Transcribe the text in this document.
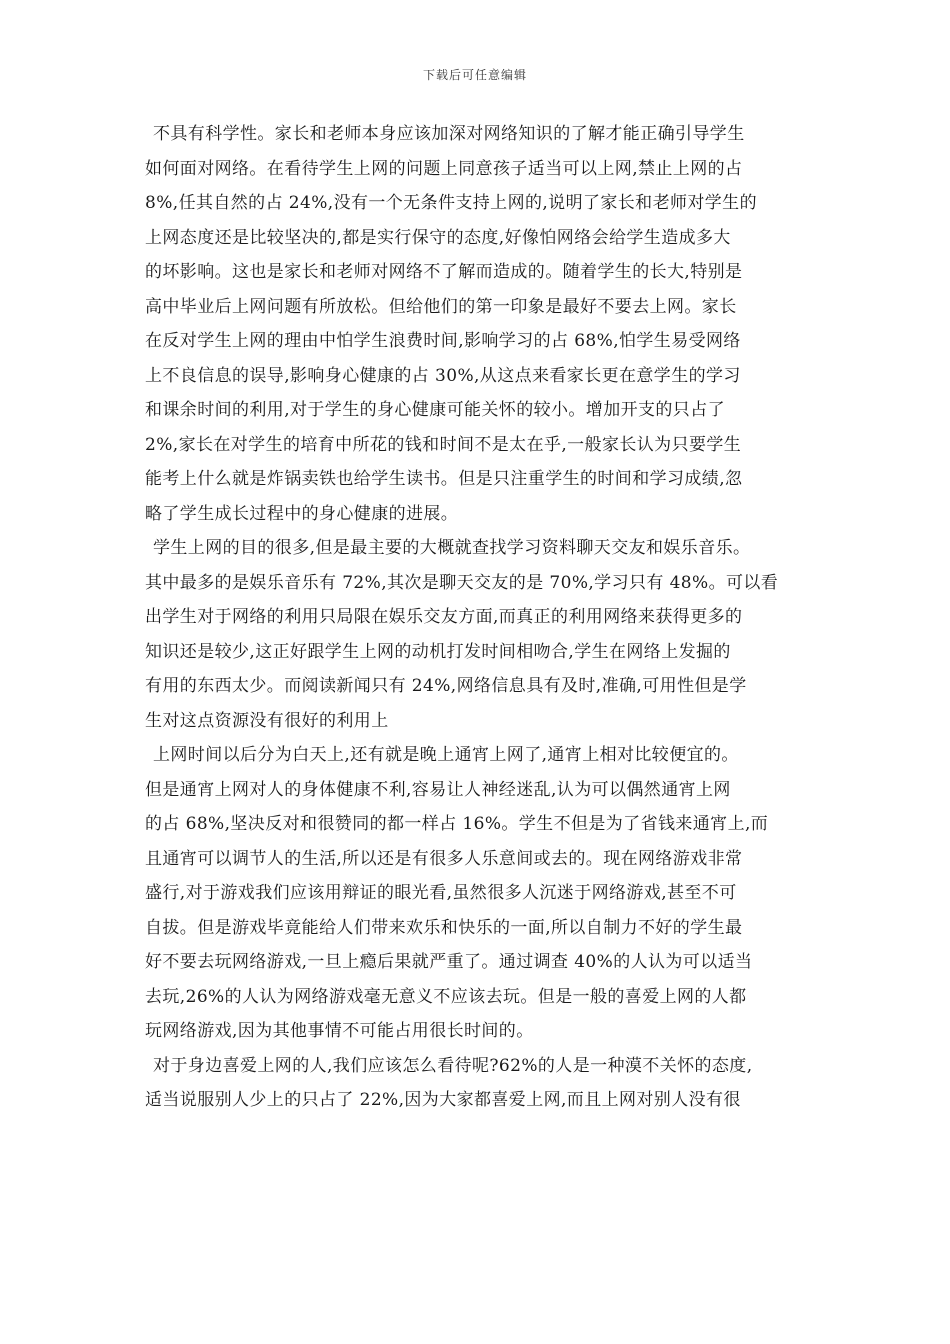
下载后可任意编辑
不具有科学性。家长和老师本身应该加深对网络知识的了解才能正确引导学生
如何面对网络。在看待学生上网的问题上同意孩子适当可以上网,禁止上网的占
8%,任其自然的占 24%,没有一个无条件支持上网的,说明了家长和老师对学生的
上网态度还是比较坚决的,都是实行保守的态度,好像怕网络会给学生造成多大
的坏影响。这也是家长和老师对网络不了解而造成的。随着学生的长大,特别是
高中毕业后上网问题有所放松。但给他们的第一印象是最好不要去上网。家长
在反对学生上网的理由中怕学生浪费时间,影响学习的占 68%,怕学生易受网络
上不良信息的误导,影响身心健康的占 30%,从这点来看家长更在意学生的学习
和课余时间的利用,对于学生的身心健康可能关怀的较小。增加开支的只占了
2%,家长在对学生的培育中所花的钱和时间不是太在乎,一般家长认为只要学生
能考上什么就是炸锅卖铁也给学生读书。但是只注重学生的时间和学习成绩,忽
略了学生成长过程中的身心健康的进展。
学生上网的目的很多,但是最主要的大概就查找学习资料聊天交友和娱乐音乐。
其中最多的是娱乐音乐有 72%,其次是聊天交友的是 70%,学习只有 48%。可以看
出学生对于网络的利用只局限在娱乐交友方面,而真正的利用网络来获得更多的
知识还是较少,这正好跟学生上网的动机打发时间相吻合,学生在网络上发掘的
有用的东西太少。而阅读新闻只有 24%,网络信息具有及时,准确,可用性但是学
生对这点资源没有很好的利用上
上网时间以后分为白天上,还有就是晚上通宵上网了,通宵上相对比较便宜的。
但是通宵上网对人的身体健康不利,容易让人神经迷乱,认为可以偶然通宵上网
的占 68%,坚决反对和很赞同的都一样占 16%。学生不但是为了省钱来通宵上,而
且通宵可以调节人的生活,所以还是有很多人乐意间或去的。现在网络游戏非常
盛行,对于游戏我们应该用辩证的眼光看,虽然很多人沉迷于网络游戏,甚至不可
自拔。但是游戏毕竟能给人们带来欢乐和快乐的一面,所以自制力不好的学生最
好不要去玩网络游戏,一旦上瘾后果就严重了。通过调查 40%的人认为可以适当
去玩,26%的人认为网络游戏毫无意义不应该去玩。但是一般的喜爱上网的人都
玩网络游戏,因为其他事情不可能占用很长时间的。
对于身边喜爱上网的人,我们应该怎么看待呢?62%的人是一种漠不关怀的态度,
适当说服别人少上的只占了 22%,因为大家都喜爱上网,而且上网对别人没有很
